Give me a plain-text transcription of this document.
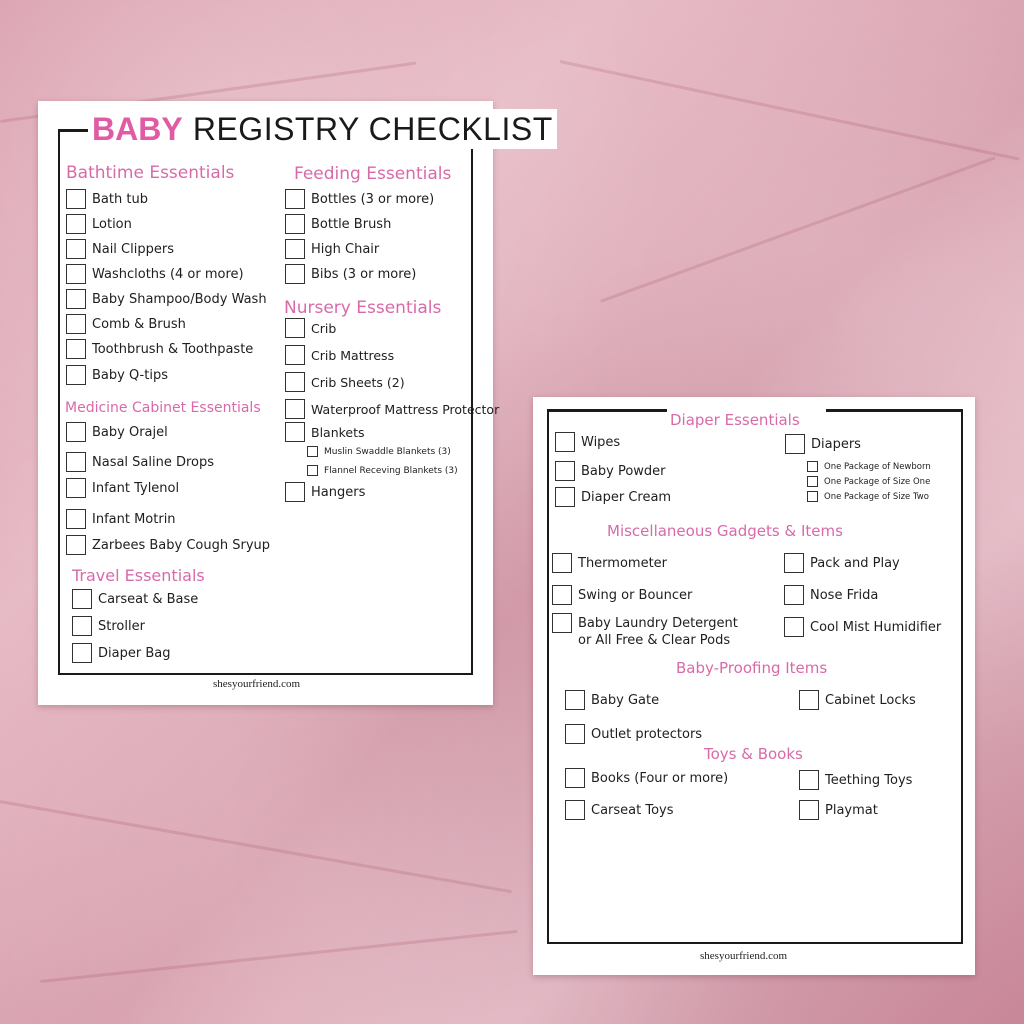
BABY REGISTRY CHECKLIST
Bathtime Essentials
Medicine Cabinet Essentials
Travel Essentials
Feeding Essentials
Nursery Essentials
shesyourfriend.com
Bath tub
Lotion
Nail Clippers
Washcloths (4 or more)
Baby Shampoo/Body Wash
Comb & Brush
Toothbrush & Toothpaste
Baby Q-tips
Baby Orajel
Nasal Saline Drops
Infant Tylenol
Infant Motrin
Zarbees Baby Cough Sryup
Carseat & Base
Stroller
Diaper Bag
Bottles (3 or more)
Bottle Brush
High Chair
Bibs (3 or more)
Crib
Crib Mattress
Crib Sheets (2)
Waterproof Mattress Protector
Blankets
Muslin Swaddle Blankets (3)
Flannel Receving Blankets (3)
Hangers
Diaper Essentials
Miscellaneous Gadgets & Items
Baby-Proofing Items
Toys & Books
shesyourfriend.com
Wipes
Baby Powder
Diaper Cream
Diapers
One Package of Newborn
One Package of Size One
One Package of Size Two
Thermometer
Swing or Bouncer
Baby Laundry Detergent
or All Free & Clear Pods
Pack and Play
Nose Frida
Cool Mist Humidifier
Baby Gate
Outlet protectors
Cabinet Locks
Books (Four or more)
Carseat Toys
Teething Toys
Playmat
